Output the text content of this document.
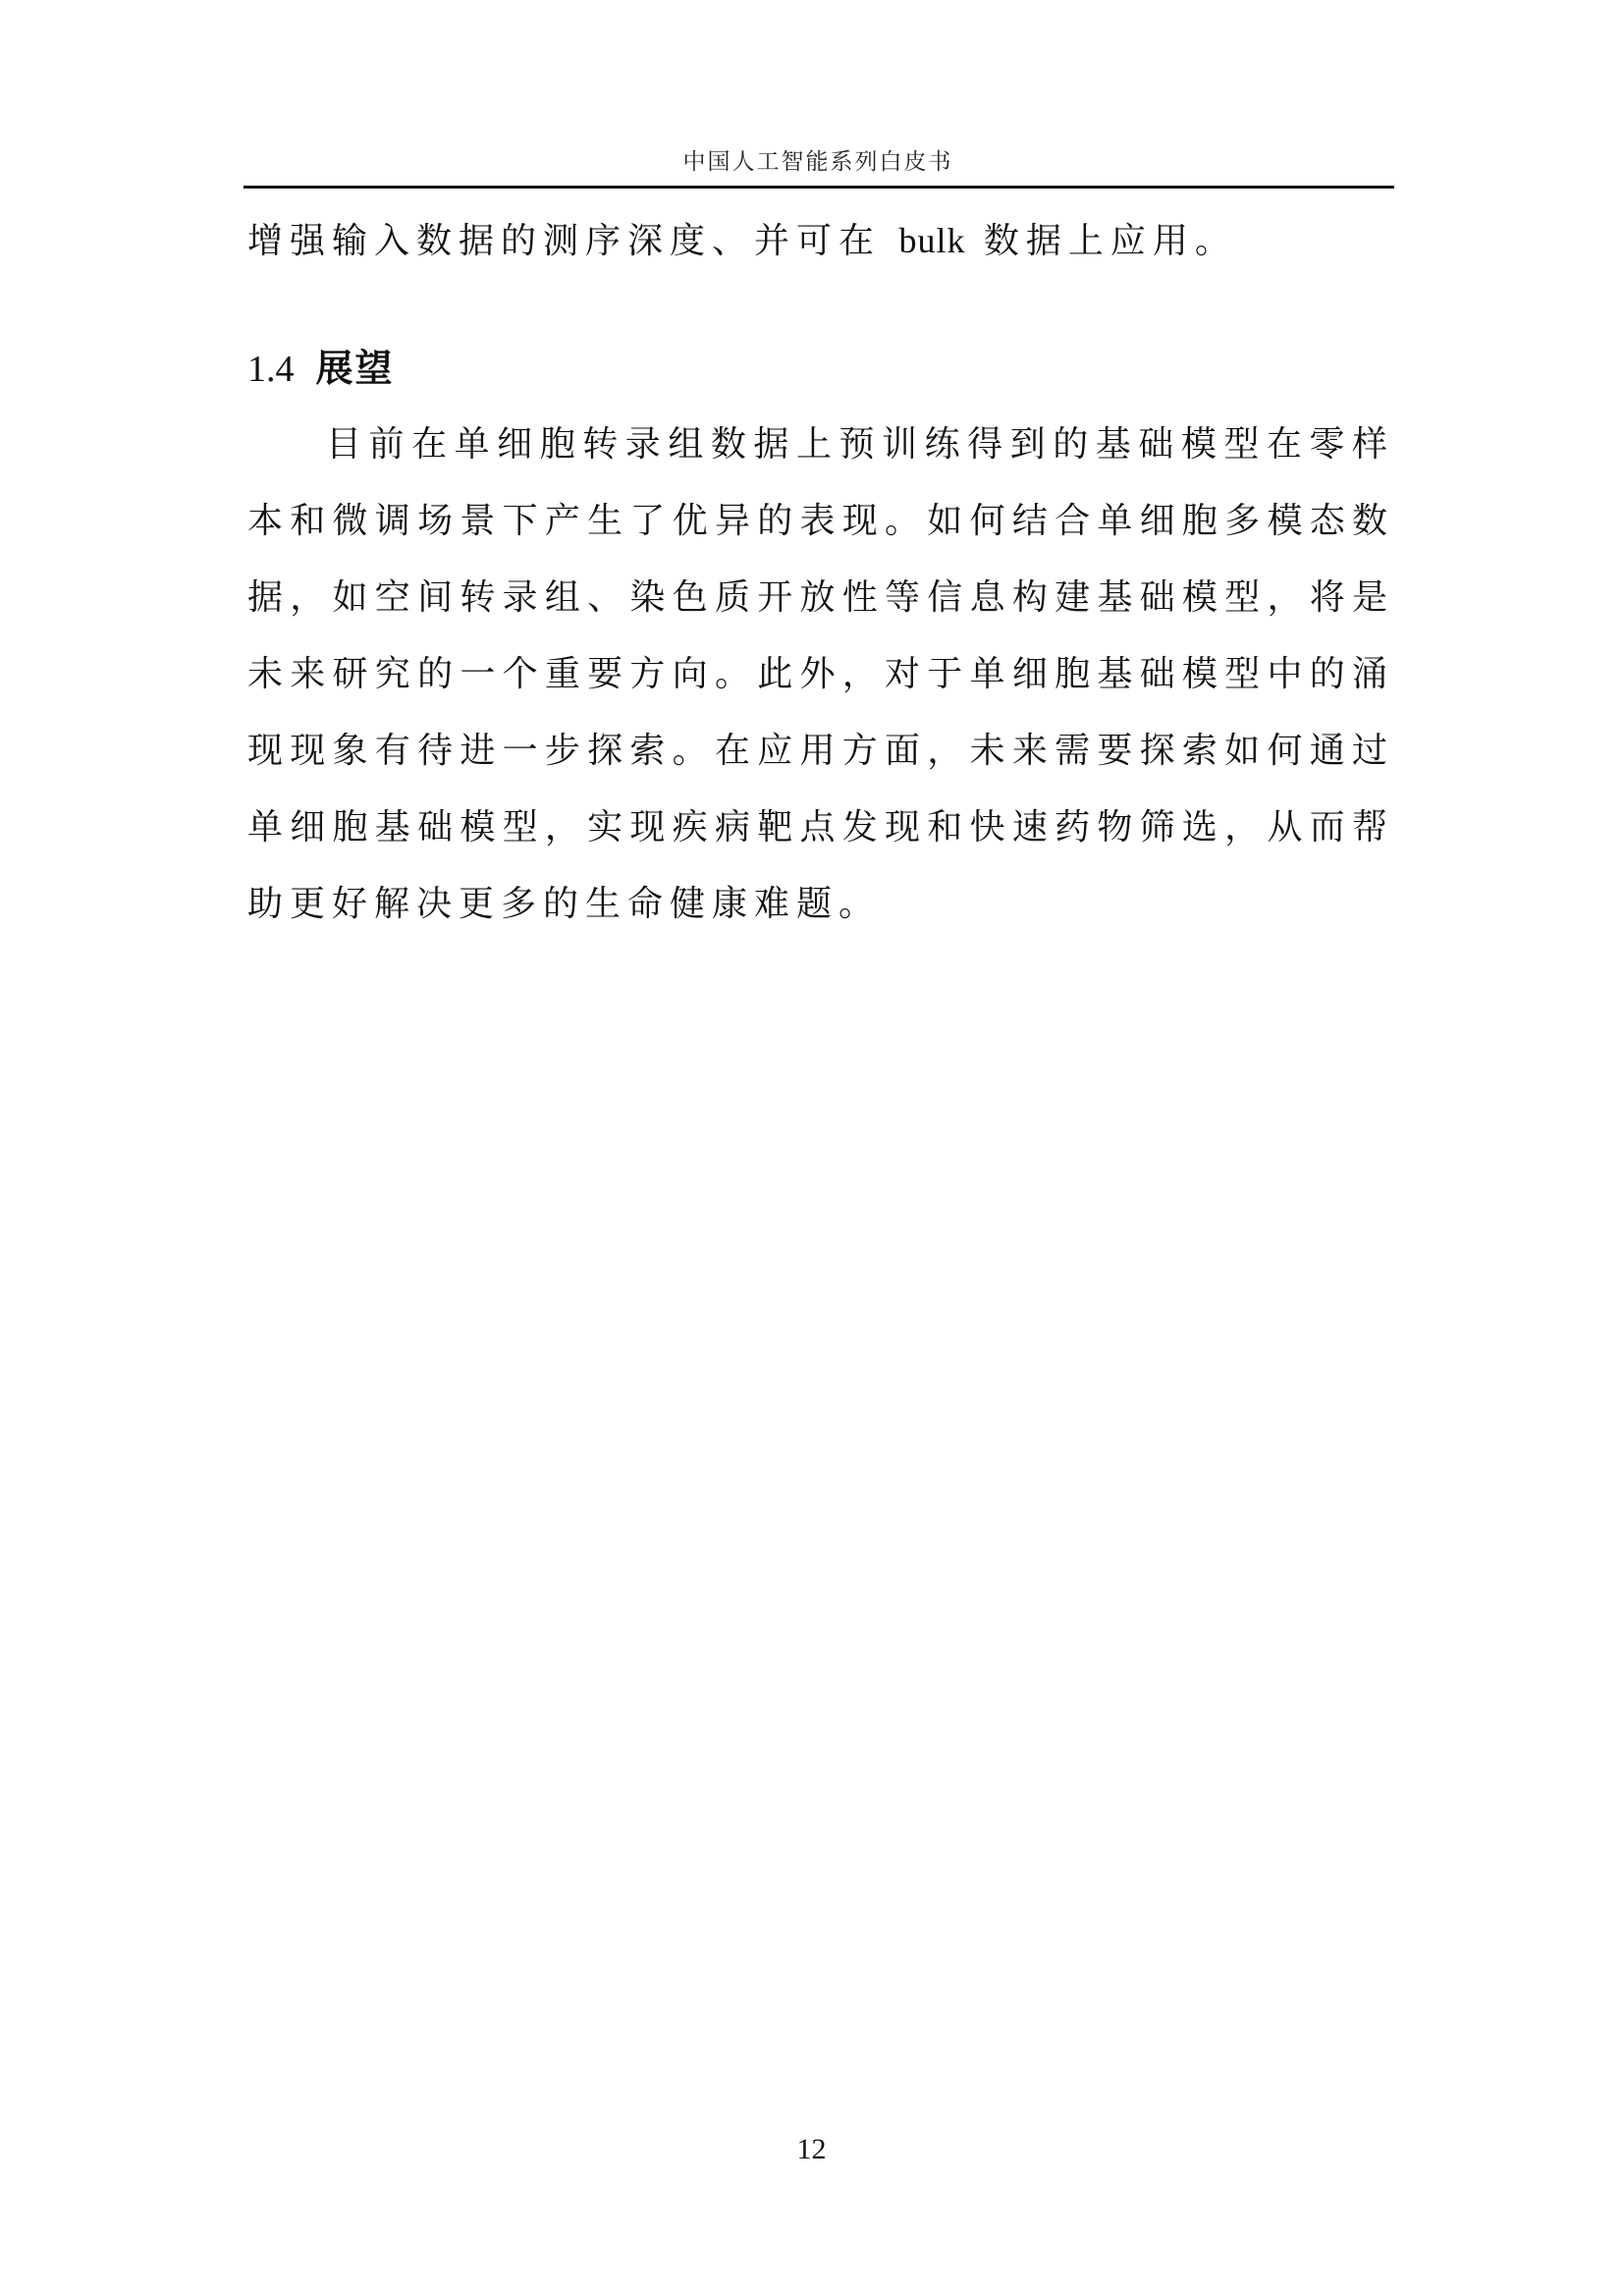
中国人工智能系列白皮书

增强输入数据的测序深度、并可在 bulk 数据上应用。

1.4 展望

目前在单细胞转录组数据上预训练得到的基础模型在零样本和微调场景下产生了优异的表现。如何结合单细胞多模态数据，如空间转录组、染色质开放性等信息构建基础模型，将是未来研究的一个重要方向。此外，对于单细胞基础模型中的涌现现象有待进一步探索。在应用方面，未来需要探索如何通过单细胞基础模型，实现疾病靶点发现和快速药物筛选，从而帮助更好解决更多的生命健康难题。

12
